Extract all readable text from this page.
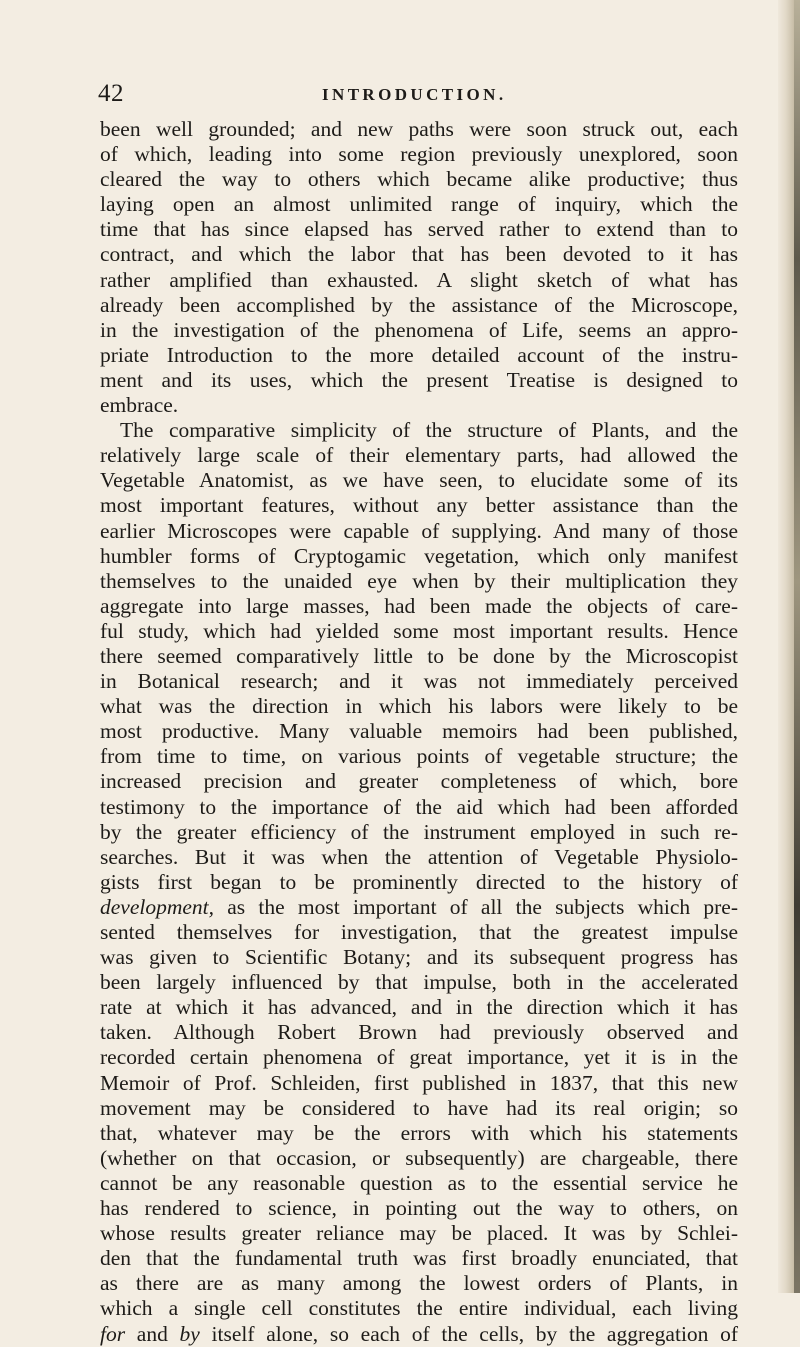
42	INTRODUCTION.
been well grounded; and new paths were soon struck out, each
of which, leading into some region previously unexplored, soon
cleared the way to others which became alike productive; thus
laying open an almost unlimited range of inquiry, which the
time that has since elapsed has served rather to extend than to
contract, and which the labor that has been devoted to it has
rather amplified than exhausted. A slight sketch of what has
already been accomplished by the assistance of the Microscope,
in the investigation of the phenomena of Life, seems an appro-
priate Introduction to the more detailed account of the instru-
ment and its uses, which the present Treatise is designed to
embrace.
The comparative simplicity of the structure of Plants, and the
relatively large scale of their elementary parts, had allowed the
Vegetable Anatomist, as we have seen, to elucidate some of its
most important features, without any better assistance than the
earlier Microscopes were capable of supplying. And many of those
humbler forms of Cryptogamic vegetation, which only manifest
themselves to the unaided eye when by their multiplication they
aggregate into large masses, had been made the objects of care-
ful study, which had yielded some most important results. Hence
there seemed comparatively little to be done by the Microscopist
in Botanical research; and it was not immediately perceived
what was the direction in which his labors were likely to be
most productive. Many valuable memoirs had been published,
from time to time, on various points of vegetable structure; the
increased precision and greater completeness of which, bore
testimony to the importance of the aid which had been afforded
by the greater efficiency of the instrument employed in such re-
searches. But it was when the attention of Vegetable Physiolo-
gists first began to be prominently directed to the history of
development, as the most important of all the subjects which pre-
sented themselves for investigation, that the greatest impulse
was given to Scientific Botany; and its subsequent progress has
been largely influenced by that impulse, both in the accelerated
rate at which it has advanced, and in the direction which it has
taken. Although Robert Brown had previously observed and
recorded certain phenomena of great importance, yet it is in the
Memoir of Prof. Schleiden, first published in 1837, that this new
movement may be considered to have had its real origin; so
that, whatever may be the errors with which his statements
(whether on that occasion, or subsequently) are chargeable, there
cannot be any reasonable question as to the essential service he
has rendered to science, in pointing out the way to others, on
whose results greater reliance may be placed. It was by Schlei-
den that the fundamental truth was first broadly enunciated, that
as there are as many among the lowest orders of Plants, in
which a single cell constitutes the entire individual, each living
for and by itself alone, so each of the cells, by the aggregation of
